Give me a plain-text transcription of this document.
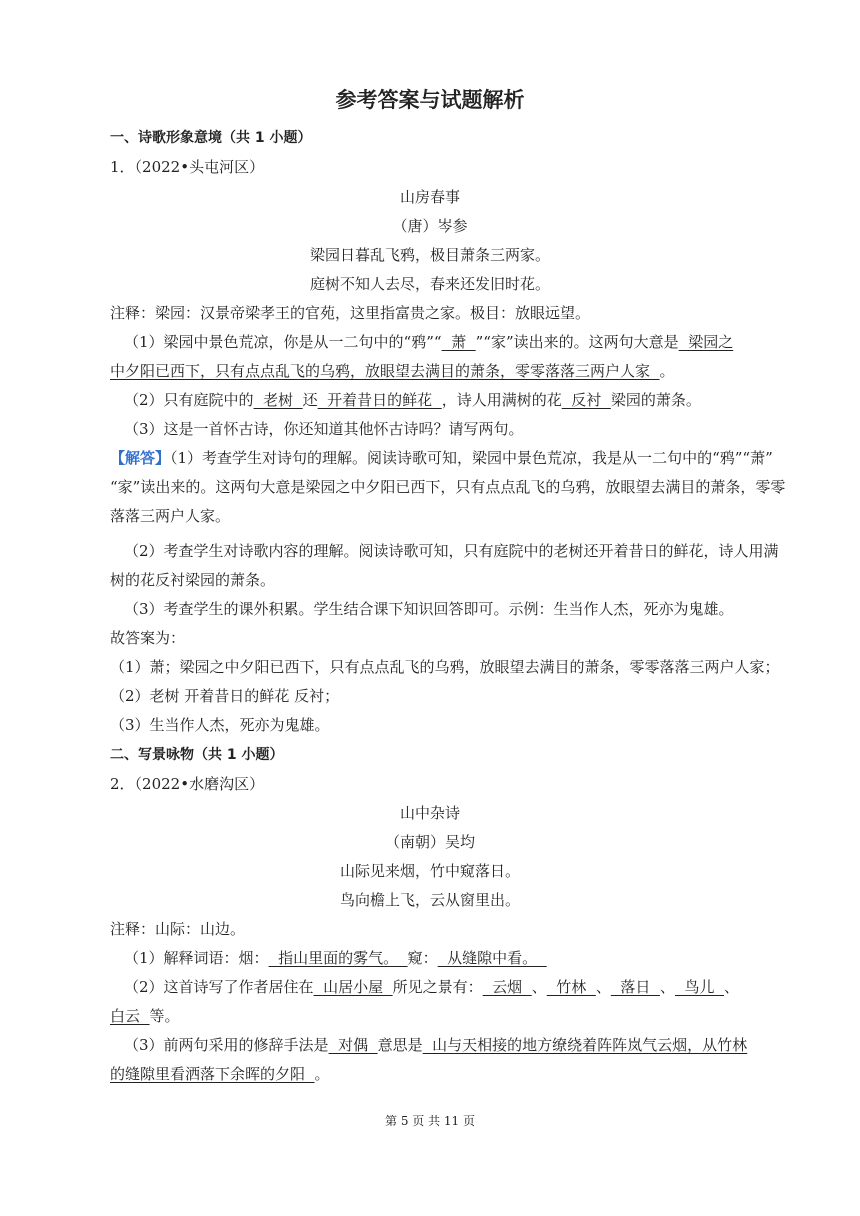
参考答案与试题解析
一、诗歌形象意境（共 1 小题）
1．（2022•头屯河区）
山房春事
（唐）岑参
梁园日暮乱飞鸦，极目萧条三两家。
庭树不知人去尽，春来还发旧时花。
注释：梁园：汉景帝梁孝王的官苑，这里指富贵之家。极目：放眼远望。
（1）梁园中景色荒凉，你是从一二句中的“鸦”“  萧  ”“家”读出来的。这两句大意是  梁园之
中夕阳已西下，只有点点乱飞的乌鸦，放眼望去满目的萧条，零零落落三两户人家  。
（2）只有庭院中的  老树  还  开着昔日的鲜花  ，诗人用满树的花  反衬  梁园的萧条。
（3）这是一首怀古诗，你还知道其他怀古诗吗？请写两句。
【解答】（1）考查学生对诗句的理解。阅读诗歌可知，梁园中景色荒凉，我是从一二句中的“鸦”“萧”
“家”读出来的。这两句大意是梁园之中夕阳已西下，只有点点乱飞的乌鸦，放眼望去满目的萧条，零零
落落三两户人家。
（2）考查学生对诗歌内容的理解。阅读诗歌可知，只有庭院中的老树还开着昔日的鲜花，诗人用满
树的花反衬梁园的萧条。
（3）考查学生的课外积累。学生结合课下知识回答即可。示例：生当作人杰，死亦为鬼雄。
故答案为：
（1）萧；梁园之中夕阳已西下，只有点点乱飞的乌鸦，放眼望去满目的萧条，零零落落三两户人家；
（2）老树 开着昔日的鲜花 反衬；
（3）生当作人杰，死亦为鬼雄。
二、写景咏物（共 1 小题）
2．（2022•水磨沟区）
山中杂诗
（南朝）吴均
山际见来烟，竹中窥落日。
鸟向檐上飞，云从窗里出。
注释：山际：山边。
（1）解释词语：烟：  指山里面的雾气。  窥：  从缝隙中看。
（2）这首诗写了作者居住在  山居小屋  所见之景有：  云烟  、  竹林  、  落日  、  鸟儿  、
白云  等。
（3）前两句采用的修辞手法是  对偶  意思是  山与天相接的地方缭绕着阵阵岚气云烟，从竹林
的缝隙里看洒落下余晖的夕阳  。
第 5 页 共 11 页
